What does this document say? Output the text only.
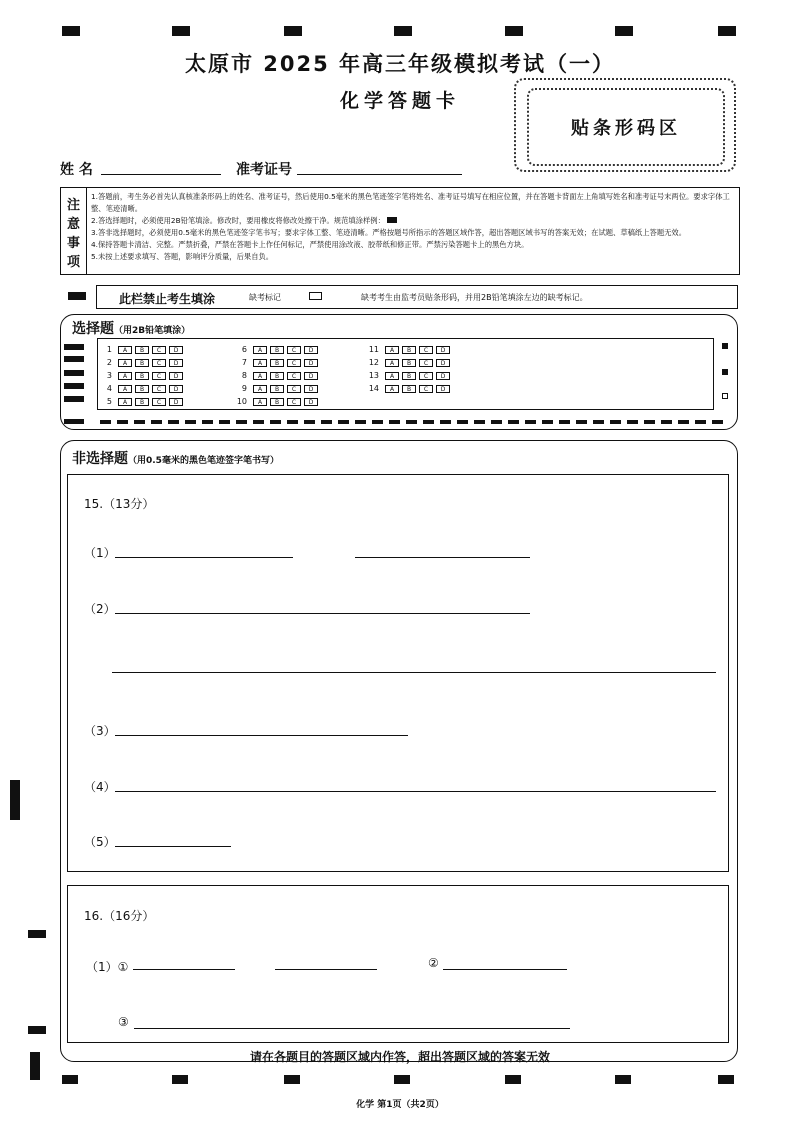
太原市 2025 年高三年级模拟考试（一）
化学答题卡
贴条形码区
姓 名	准考证号
注
意
事
项
1.答题前，考生务必首先认真核准条形码上的姓名、准考证号，然后使用0.5毫米的黑色笔迹签字笔将姓名、准考证号填写在相应位置，并在答题卡背面左上角填写姓名和准考证号末两位。要求字体工整、笔迹清晰。
2.答选择题时，必须使用2B铅笔填涂。修改时，要用橡皮将修改处擦干净。规范填涂样例：
3.答非选择题时，必须使用0.5毫米的黑色笔迹签字笔书写；要求字体工整、笔迹清晰。严格按题号所指示的答题区域作答，超出答题区域书写的答案无效；在试题、草稿纸上答题无效。
4.保持答题卡清洁、完整。严禁折叠，严禁在答题卡上作任何标记，严禁使用涂改液、胶带纸和修正带。严禁污染答题卡上的黑色方块。
5.未按上述要求填写、答题，影响评分质量，后果自负。
此栏禁止考生填涂	缺考标记	缺考考生由监考员贴条形码，并用2B铅笔填涂左边的缺考标记。
选择题（用2B铅笔填涂）
1	A	B	C	D
2	A	B	C	D
3	A	B	C	D
4	A	B	C	D
5	A	B	C	D
6	A	B	C	D
7	A	B	C	D
8	A	B	C	D
9	A	B	C	D
10	A	B	C	D
11	A	B	C	D
12	A	B	C	D
13	A	B	C	D
14	A	B	C	D
非选择题（用0.5毫米的黑色笔迹签字笔书写）
15.（13分）
（1）
（2）
（3）
（4）
（5）
16.（16分）
（1）①	②
③
请在各题目的答题区域内作答，超出答题区域的答案无效
化学 第1页（共2页）
